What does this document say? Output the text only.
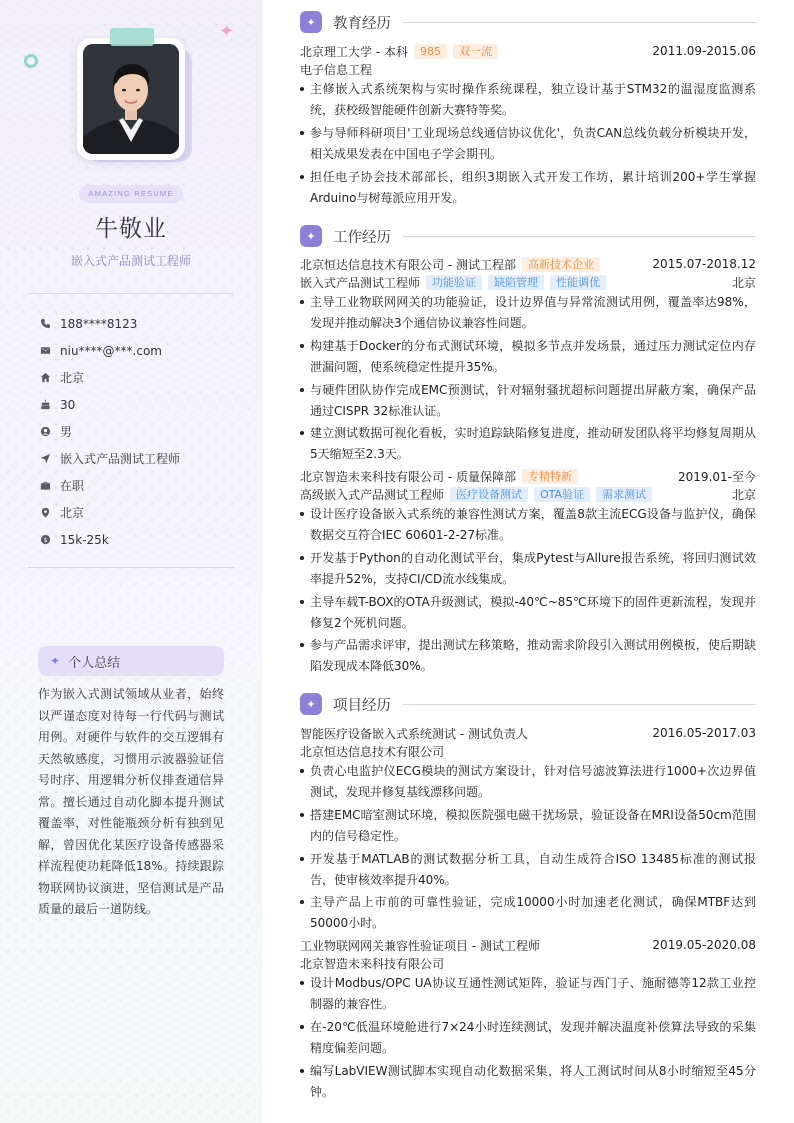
✦
AMAZING RESUME
牛敬业
嵌入式产品测试工程师
188****8123
niu****@***.com
北京
30
男
嵌入式产品测试工程师
在职
北京
$ 15k-25k
✦ 个人总结
作为嵌入式测试领域从业者，始终以严谨态度对待每一行代码与测试用例。对硬件与软件的交互逻辑有天然敏感度，习惯用示波器验证信号时序、用逻辑分析仪排查通信异常。擅长通过自动化脚本提升测试覆盖率，对性能瓶颈分析有独到见解，曾因优化某医疗设备传感器采样流程使功耗降低18%。持续跟踪物联网协议演进，坚信测试是产品质量的最后一道防线。
✦	教育经历
北京理工大学 - 本科	985	双一流	2011.09-2015.06
电子信息工程
主修嵌入式系统架构与实时操作系统课程，独立设计基于STM32的温湿度监测系统，获校级智能硬件创新大赛特等奖。
参与导师科研项目'工业现场总线通信协议优化'，负责CAN总线负载分析模块开发，相关成果发表在中国电子学会期刊。
担任电子协会技术部部长，组织3期嵌入式开发工作坊，累计培训200+学生掌握Arduino与树莓派应用开发。
✦	工作经历
北京恒达信息技术有限公司 - 测试工程部	高新技术企业	2015.07-2018.12
嵌入式产品测试工程师	功能验证	缺陷管理	性能调优	北京
主导工业物联网网关的功能验证，设计边界值与异常流测试用例，覆盖率达98%，发现并推动解决3个通信协议兼容性问题。
构建基于Docker的分布式测试环境，模拟多节点并发场景，通过压力测试定位内存泄漏问题，使系统稳定性提升35%。
与硬件团队协作完成EMC预测试，针对辐射骚扰超标问题提出屏蔽方案，确保产品通过CISPR 32标准认证。
建立测试数据可视化看板，实时追踪缺陷修复进度，推动研发团队将平均修复周期从5天缩短至2.3天。
北京智造未来科技有限公司 - 质量保障部	专精特新	2019.01-至今
高级嵌入式产品测试工程师	医疗设备测试	OTA验证	需求测试	北京
设计医疗设备嵌入式系统的兼容性测试方案，覆盖8款主流ECG设备与监护仪，确保数据交互符合IEC 60601-2-27标准。
开发基于Python的自动化测试平台，集成Pytest与Allure报告系统，将回归测试效率提升52%，支持CI/CD流水线集成。
主导车载T-BOX的OTA升级测试，模拟-40℃~85℃环境下的固件更新流程，发现并修复2个死机问题。
参与产品需求评审，提出测试左移策略，推动需求阶段引入测试用例模板，使后期缺陷发现成本降低30%。
✦	项目经历
智能医疗设备嵌入式系统测试 - 测试负责人	2016.05-2017.03
北京恒达信息技术有限公司
负责心电监护仪ECG模块的测试方案设计，针对信号滤波算法进行1000+次边界值测试，发现并修复基线漂移问题。
搭建EMC暗室测试环境，模拟医院强电磁干扰场景，验证设备在MRI设备50cm范围内的信号稳定性。
开发基于MATLAB的测试数据分析工具，自动生成符合ISO 13485标准的测试报告，使审核效率提升40%。
主导产品上市前的可靠性验证，完成10000小时加速老化测试，确保MTBF达到50000小时。
工业物联网网关兼容性验证项目 - 测试工程师	2019.05-2020.08
北京智造未来科技有限公司
设计Modbus/OPC UA协议互通性测试矩阵，验证与西门子、施耐德等12款工业控制器的兼容性。
在-20℃低温环境舱进行7×24小时连续测试，发现并解决温度补偿算法导致的采集精度偏差问题。
编写LabVIEW测试脚本实现自动化数据采集，将人工测试时间从8小时缩短至45分钟。
